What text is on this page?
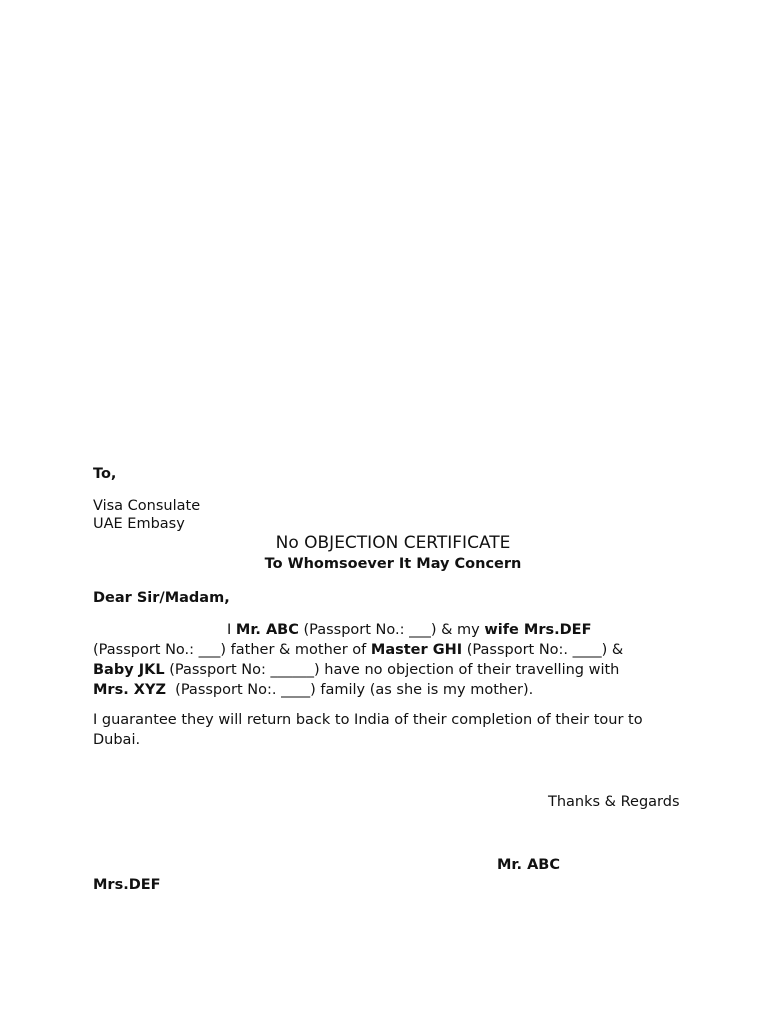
To,
Visa Consulate
UAE Embasy
No OBJECTION CERTIFICATE
To Whomsoever It May Concern
Dear Sir/Madam,
I Mr. ABC (Passport No.: ___) & my wife Mrs.DEF
(Passport No.: ___) father & mother of Master GHI (Passport No:. ____) &
Baby JKL (Passport No: ______) have no objection of their travelling with
Mrs. XYZ  (Passport No:. ____) family (as she is my mother).
I guarantee they will return back to India of their completion of their tour to
Dubai.
Thanks & Regards
Mr. ABC
Mrs.DEF
